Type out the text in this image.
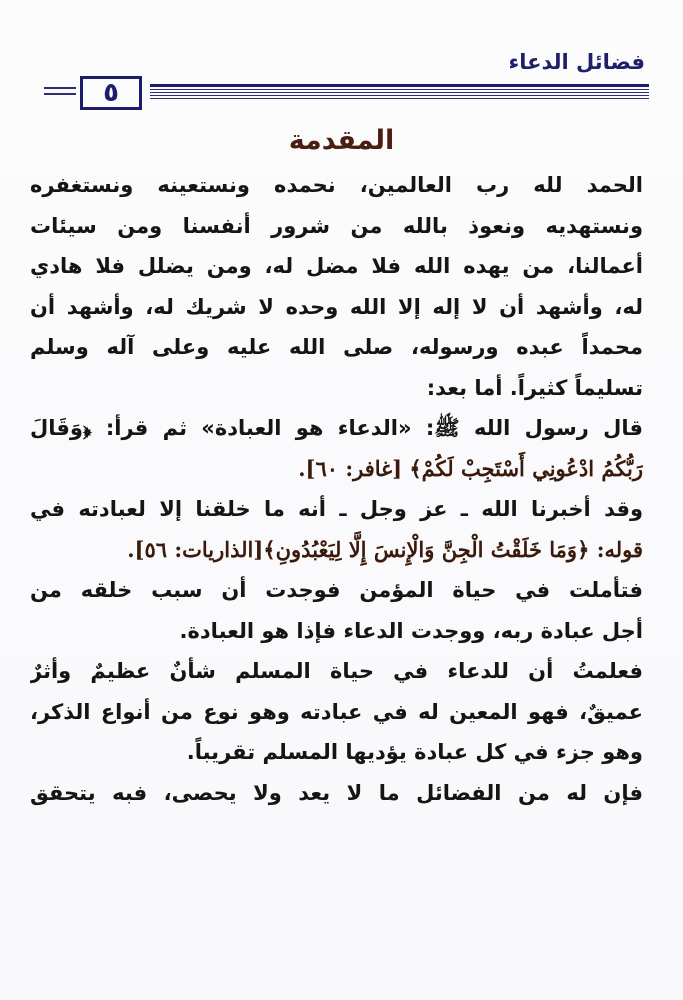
فضائل الدعاء
٥
المقدمة
الحمد لله رب العالمين، نحمده ونستعينه ونستغفره
ونستهديه ونعوذ بالله من شرور أنفسنا ومن سيئات
أعمالنا، من يهده الله فلا مضل له، ومن يضلل فلا هادي
له، وأشهد أن لا إله إلا الله وحده لا شريك له، وأشهد أن
محمداً عبده ورسوله، صلى الله عليه وعلى آله وسلم
تسليماً كثيراً. أما بعد:
قال رسول الله ﷺ: «الدعاء هو العبادة» ثم قرأ: ﴿وَقَالَ
رَبُّكُمُ ادْعُونِي أَسْتَجِبْ لَكُمْ﴾ [غافر: ٦٠].
وقد أخبرنا الله ـ عز وجل ـ أنه ما خلقنا إلا لعبادته في
قوله: ﴿وَمَا خَلَقْتُ الْجِنَّ وَالْإِنسَ إِلَّا لِيَعْبُدُونِ﴾[الذاريات: ٥٦].
فتأملت في حياة المؤمن فوجدت أن سبب خلقه من
أجل عبادة ربه، ووجدت الدعاء فإذا هو العبادة.
فعلمتُ أن للدعاء في حياة المسلم شأنٌ عظيمٌ وأثرٌ
عميقٌ، فهو المعين له في عبادته وهو نوع من أنواع الذكر،
وهو جزء في كل عبادة يؤديها المسلم تقريباً.
فإن له من الفضائل ما لا يعد ولا يحصى، فبه يتحقق
